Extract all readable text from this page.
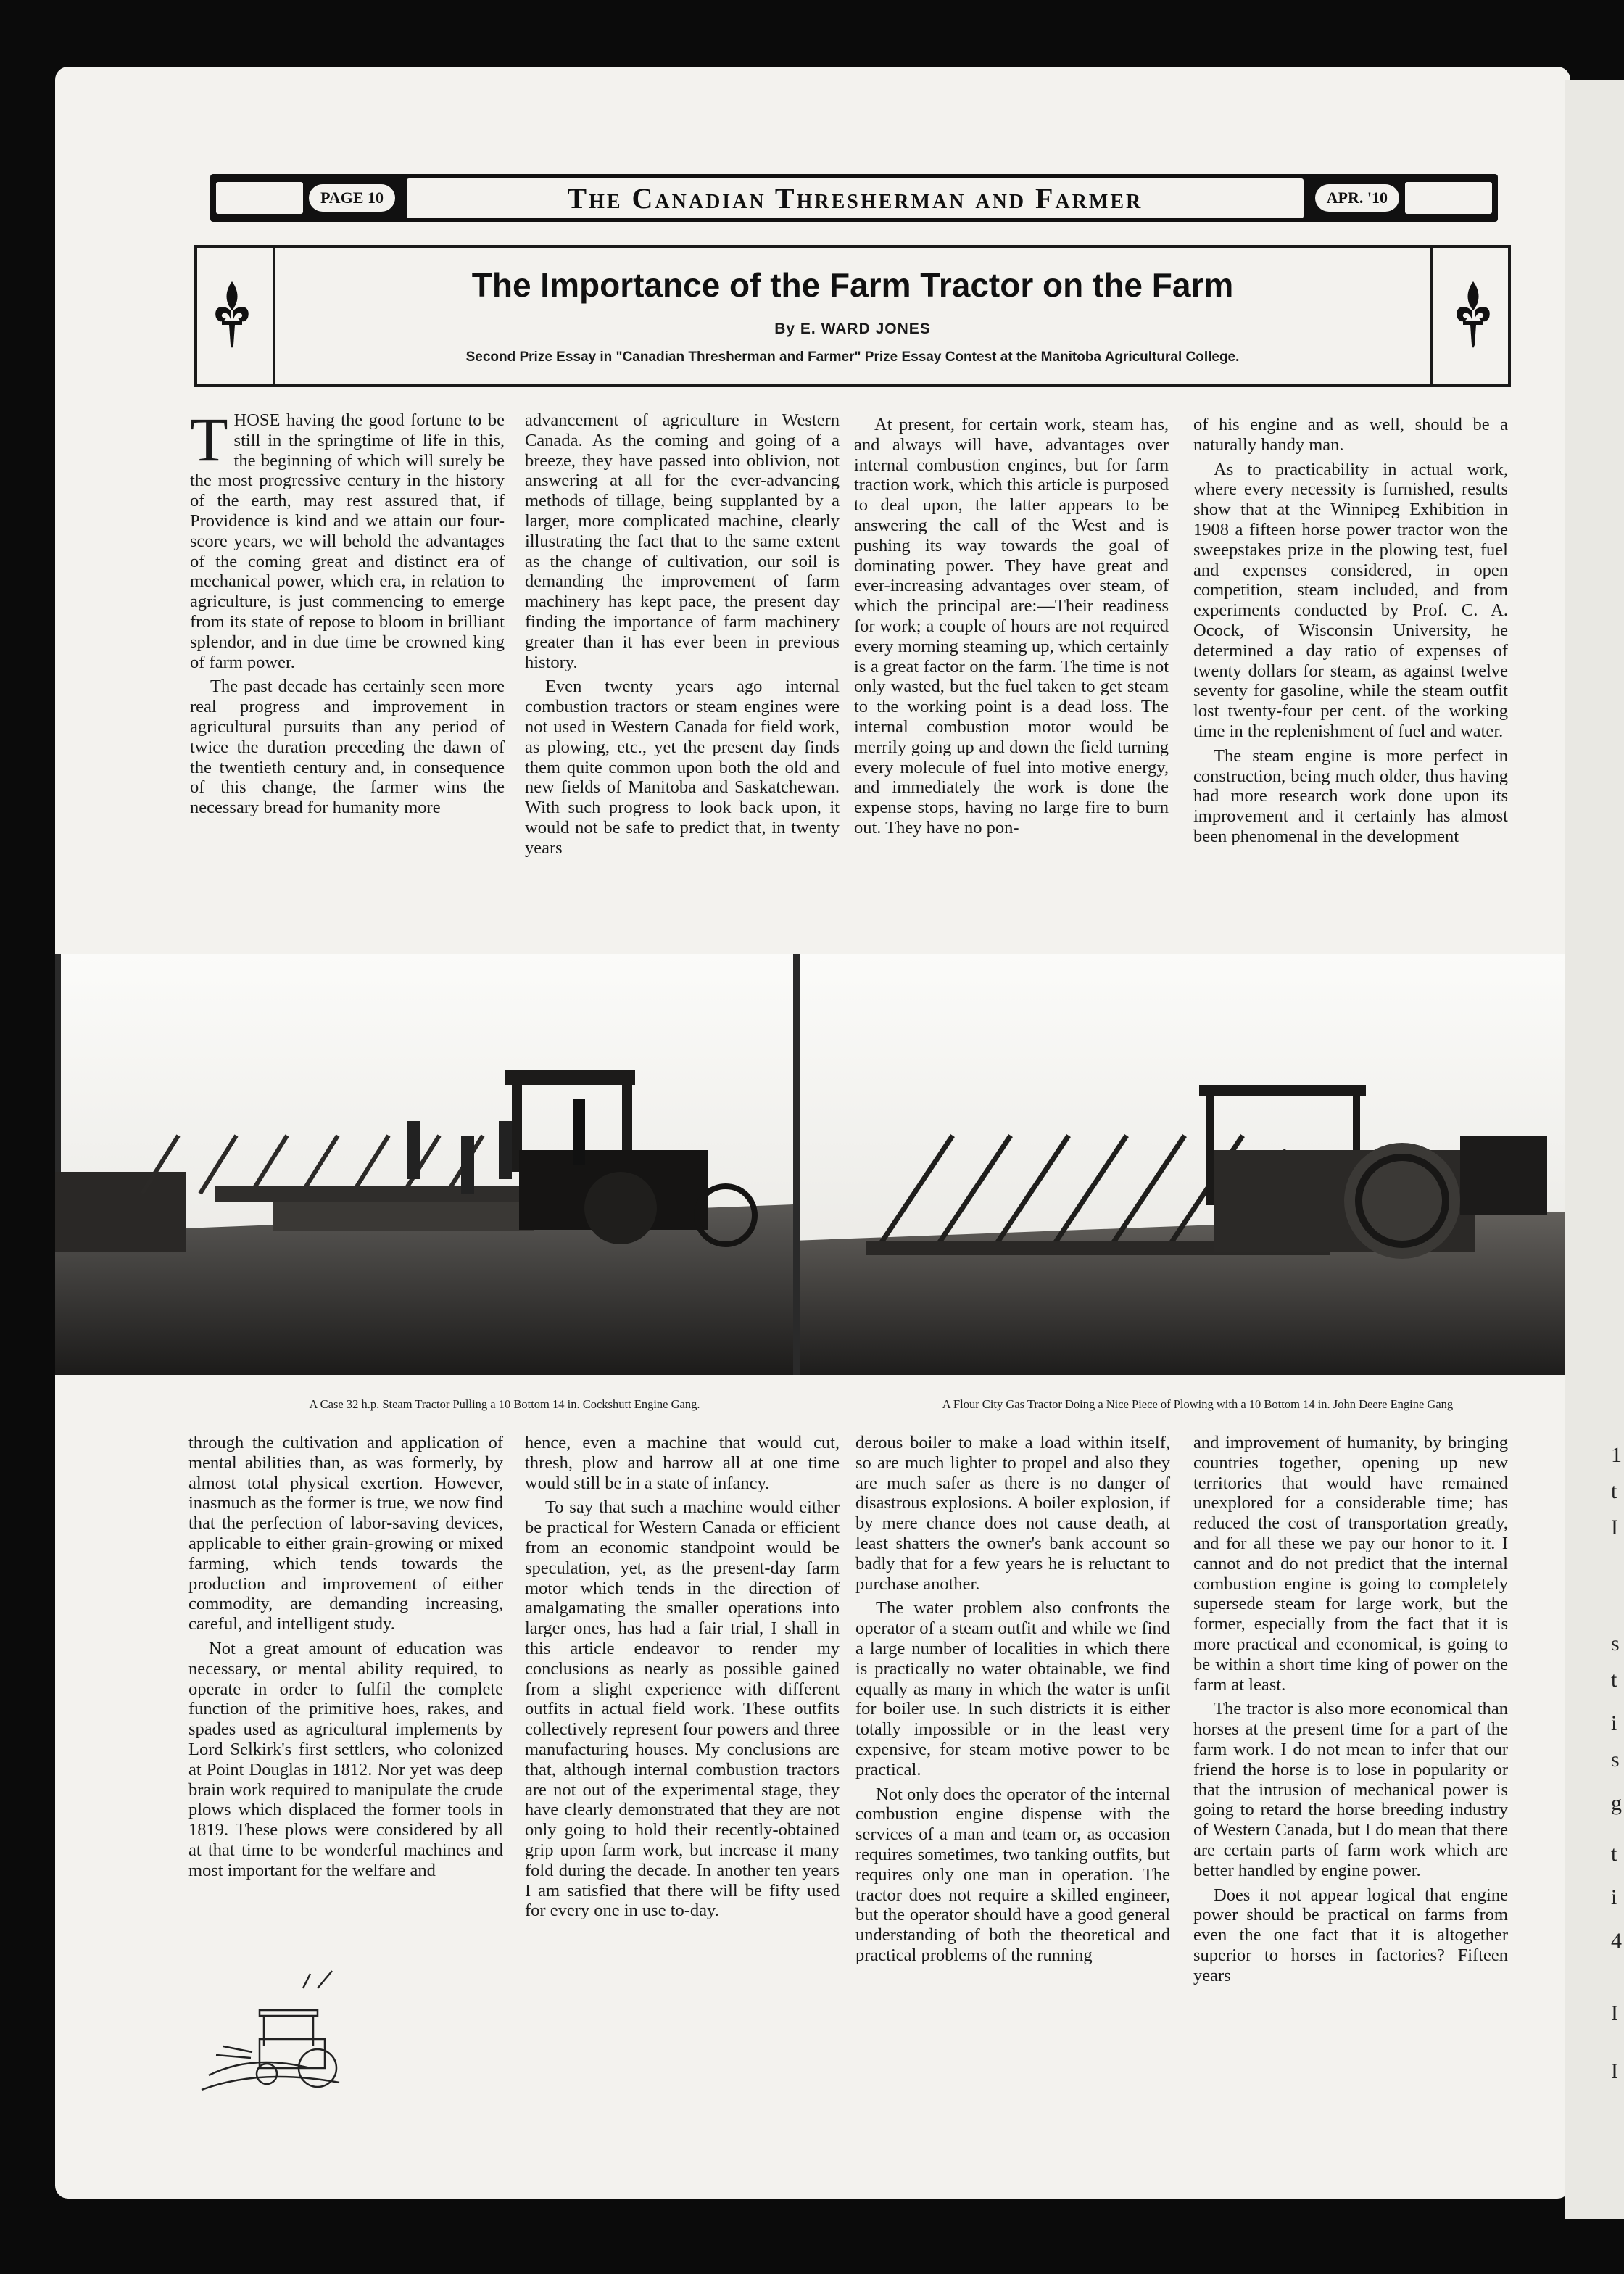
PAGE 10	The Canadian Thresherman and Farmer	APR. '10
The Importance of the Farm Tractor on the Farm
By E. WARD JONES
Second Prize Essay in "Canadian Thresherman and Farmer" Prize Essay Contest at the Manitoba Agricultural College.

THOSE having the good fortune to be still in the springtime of life in this, the beginning of which will surely be the most progressive century in the history of the earth, may rest assured that, if Providence is kind and we attain our four-score years, we will behold the advantages of the coming great and distinct era of mechanical power, which era, in relation to agriculture, is just commencing to emerge from its state of repose to bloom in brilliant splendor, and in due time be crowned king of farm power.

The past decade has certainly seen more real progress and improvement in agricultural pursuits than any period of twice the duration preceding the dawn of the twentieth century and, in consequence of this change, the farmer wins the necessary bread for humanity more

advancement of agriculture in Western Canada. As the coming and going of a breeze, they have passed into oblivion, not answering at all for the ever-advancing methods of tillage, being supplanted by a larger, more complicated machine, clearly illustrating the fact that to the same extent as the change of cultivation, our soil is demanding the improvement of farm machinery has kept pace, the present day finding the importance of farm machinery greater than it has ever been in previous history.

Even twenty years ago internal combustion tractors or steam engines were not used in Western Canada for field work, as plowing, etc., yet the present day finds them quite common upon both the old and new fields of Manitoba and Saskatchewan. With such progress to look back upon, it would not be safe to predict that, in twenty years

At present, for certain work, steam has, and always will have, advantages over internal combustion engines, but for farm traction work, which this article is purposed to deal upon, the latter appears to be answering the call of the West and is pushing its way towards the goal of dominating power. They have great and ever-increasing advantages over steam, of which the principal are:—Their readiness for work; a couple of hours are not required every morning steaming up, which certainly is a great factor on the farm. The time is not only wasted, but the fuel taken to get steam to the working point is a dead loss. The internal combustion motor would be merrily going up and down the field turning every molecule of fuel into motive energy, and immediately the work is done the expense stops, having no large fire to burn out. They have no pon-

of his engine and as well, should be a naturally handy man.

As to practicability in actual work, where every necessity is furnished, results show that at the Winnipeg Exhibition in 1908 a fifteen horse power tractor won the sweepstakes prize in the plowing test, fuel and expenses considered, in open competition, steam included, and from experiments conducted by Prof. C. A. Ocock, of Wisconsin University, he determined a day ratio of expenses of twenty dollars for steam, as against twelve seventy for gasoline, while the steam outfit lost twenty-four per cent. of the working time in the replenishment of fuel and water.

The steam engine is more perfect in construction, being much older, thus having had more research work done upon its improvement and it certainly has almost been phenomenal in the development

A Case 32 h.p. Steam Tractor Pulling a 10 Bottom 14 in. Cockshutt Engine Gang.	A Flour City Gas Tractor Doing a Nice Piece of Plowing with a 10 Bottom 14 in. John Deere Engine Gang

through the cultivation and application of mental abilities than, as was formerly, by almost total physical exertion. However, inasmuch as the former is true, we now find that the perfection of labor-saving devices, applicable to either grain-growing or mixed farming, which tends towards the production and improvement of either commodity, are demanding increasing, careful, and intelligent study.

Not a great amount of education was necessary, or mental ability required, to operate in order to fulfil the complete function of the primitive hoes, rakes, and spades used as agricultural implements by Lord Selkirk's first settlers, who colonized at Point Douglas in 1812. Nor yet was deep brain work required to manipulate the crude plows which displaced the former tools in 1819. These plows were considered by all at that time to be wonderful machines and most important for the welfare and

hence, even a machine that would cut, thresh, plow and harrow all at one time would still be in a state of infancy.

To say that such a machine would either be practical for Western Canada or efficient from an economic standpoint would be speculation, yet, as the present-day farm motor which tends in the direction of amalgamating the smaller operations into larger ones, has had a fair trial, I shall in this article endeavor to render my conclusions as nearly as possible gained from a slight experience with different outfits in actual field work. These outfits collectively represent four powers and three manufacturing houses. My conclusions are that, although internal combustion tractors are not out of the experimental stage, they have clearly demonstrated that they are not only going to hold their recently-obtained grip upon farm work, but increase it many fold during the decade. In another ten years I am satisfied that there will be fifty used for every one in use to-day.

derous boiler to make a load within itself, so are much lighter to propel and also they are much safer as there is no danger of disastrous explosions. A boiler explosion, if by mere chance does not cause death, at least shatters the owner's bank account so badly that for a few years he is reluctant to purchase another.

The water problem also confronts the operator of a steam outfit and while we find a large number of localities in which there is practically no water obtainable, we find equally as many in which the water is unfit for boiler use. In such districts it is either totally impossible or in the least very expensive, for steam motive power to be practical.

Not only does the operator of the internal combustion engine dispense with the services of a man and team or, as occasion requires sometimes, two tanking outfits, but requires only one man in operation. The tractor does not require a skilled engineer, but the operator should have a good general understanding of both the theoretical and practical problems of the running

and improvement of humanity, by bringing countries together, opening up new territories that would have remained unexplored for a considerable time; has reduced the cost of transportation greatly, and for all these we pay our honor to it. I cannot and do not predict that the internal combustion engine is going to completely supersede steam for large work, but the former, especially from the fact that it is more practical and economical, is going to be within a short time king of power on the farm at least.

The tractor is also more economical than horses at the present time for a part of the farm work. I do not mean to infer that our friend the horse is to lose in popularity or that the intrusion of mechanical power is going to retard the horse breeding industry of Western Canada, but I do mean that there are certain parts of farm work which are better handled by engine power.

Does it not appear logical that engine power should be practical on farms from even the one fact that it is altogether superior to horses in factories? Fifteen years

1
t
I
s
t
i
s
g
t
i
4
I
I
